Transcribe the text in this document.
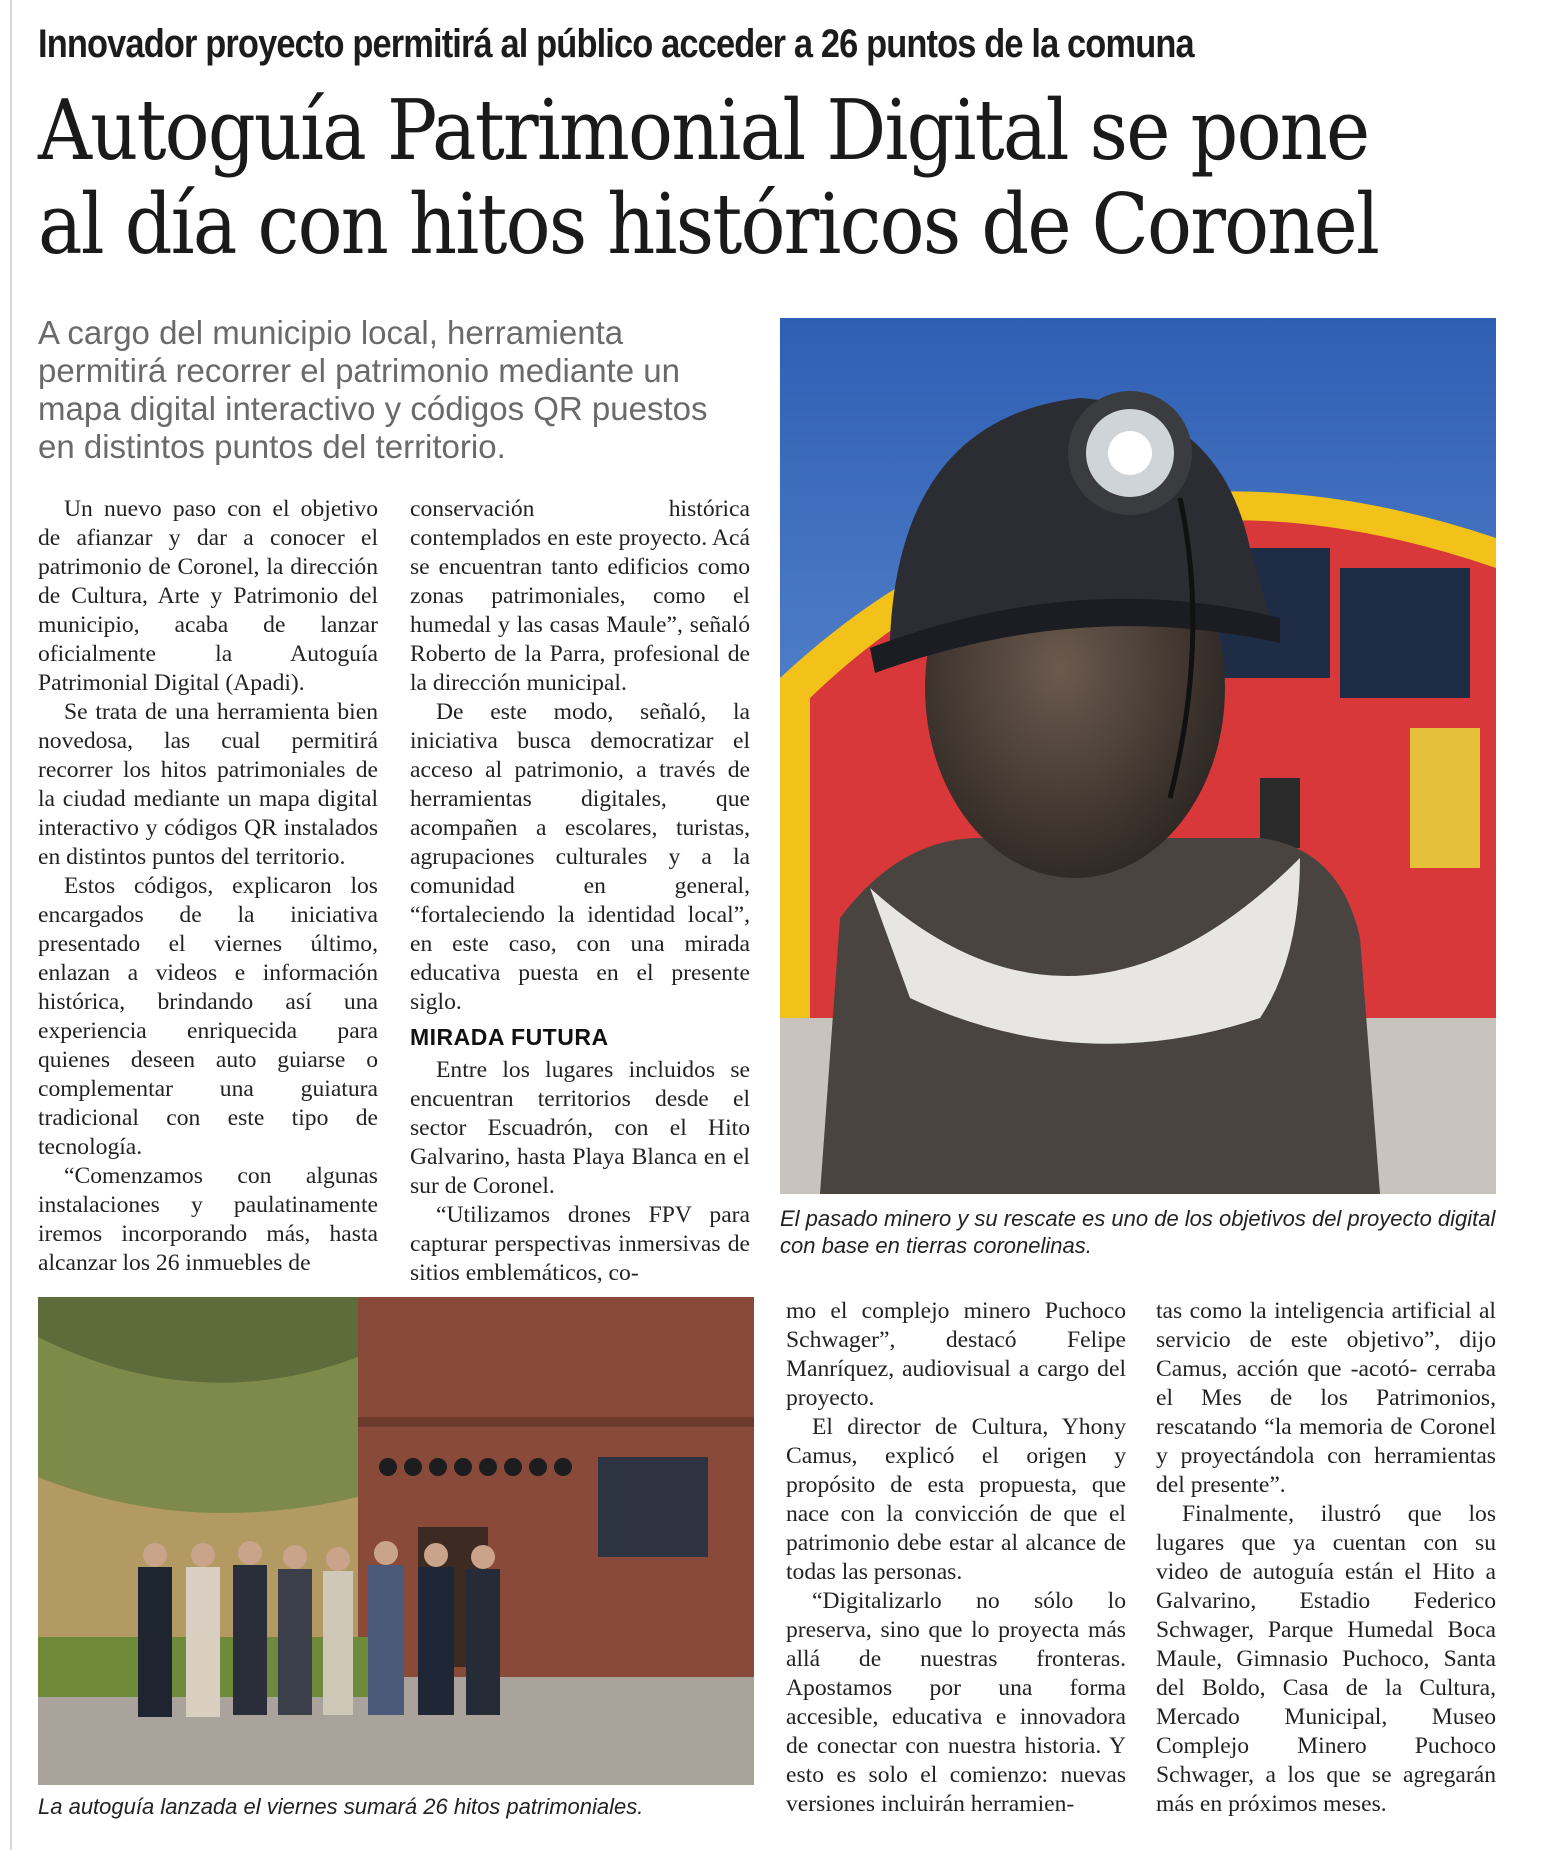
Innovador proyecto permitirá al público acceder a 26 puntos de la comuna
Autoguía Patrimonial Digital se pone
al día con hitos históricos de Coronel
A cargo del municipio local, herramienta permitirá recorrer el patrimonio mediante un mapa digital interactivo y códigos QR puestos en distintos puntos del territorio.

Un nuevo paso con el objetivo de afianzar y dar a conocer el patrimonio de Coronel, la dirección de Cultura, Arte y Patrimonio del municipio, acaba de lanzar oficialmente la Autoguía Patrimonial Digital (Apadi).

Se trata de una herramienta bien novedosa, las cual permitirá recorrer los hitos patrimoniales de la ciudad mediante un mapa digital interactivo y códigos QR instalados en distintos puntos del territorio.

Estos códigos, explicaron los encargados de la iniciativa presentado el viernes último, enlazan a videos e información histórica, brindando así una experiencia enriquecida para quienes deseen auto guiarse o complementar una guiatura tradicional con este tipo de tecnología.

“Comenzamos con algunas instalaciones y paulatinamente iremos incorporando más, hasta alcanzar los 26 inmuebles de

conservación histórica contemplados en este proyecto. Acá se encuentran tanto edificios como zonas patrimoniales, como el humedal y las casas Maule”, señaló Roberto de la Parra, profesional de la dirección municipal.

De este modo, señaló, la iniciativa busca democratizar el acceso al patrimonio, a través de herramientas digitales, que acompañen a escolares, turistas, agrupaciones culturales y a la comunidad en general, “fortaleciendo la identidad local”, en este caso, con una mirada educativa puesta en el presente siglo.

MIRADA FUTURA

Entre los lugares incluidos se encuentran territorios desde el sector Escuadrón, con el Hito Galvarino, hasta Playa Blanca en el sur de Coronel.

“Utilizamos drones FPV para capturar perspectivas inmersivas de sitios emblemáticos, co-

El pasado minero y su rescate es uno de los objetivos del proyecto digital con base en tierras coronelinas.
La autoguía lanzada el viernes sumará 26 hitos patrimoniales.

mo el complejo minero Puchoco Schwager”, destacó Felipe Manríquez, audiovisual a cargo del proyecto.

El director de Cultura, Yhony Camus, explicó el origen y propósito de esta propuesta, que nace con la convicción de que el patrimonio debe estar al alcance de todas las personas.

“Digitalizarlo no sólo lo preserva, sino que lo proyecta más allá de nuestras fronteras. Apostamos por una forma accesible, educativa e innovadora de conectar con nuestra historia. Y esto es solo el comienzo: nuevas versiones incluirán herramien-

tas como la inteligencia artificial al servicio de este objetivo”, dijo Camus, acción que -acotó- cerraba el Mes de los Patrimonios, rescatando “la memoria de Coronel y proyectándola con herramientas del presente”.

Finalmente, ilustró que los lugares que ya cuentan con su video de autoguía están el Hito a Galvarino, Estadio Federico Schwager, Parque Humedal Boca Maule, Gimnasio Puchoco, Santa del Boldo, Casa de la Cultura, Mercado Municipal, Museo Complejo Minero Puchoco Schwager, a los que se agregarán más en próximos meses.
